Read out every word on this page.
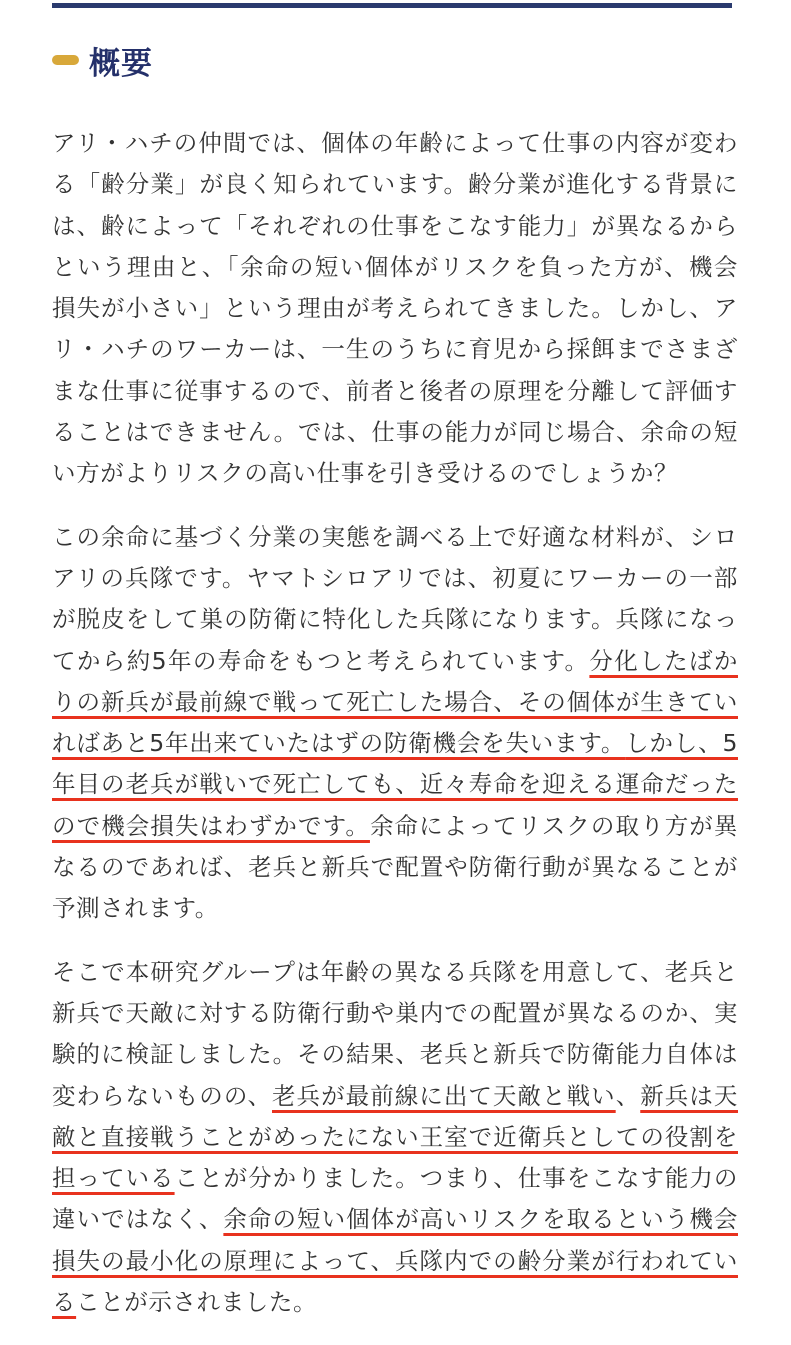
概要

アリ・ハチの仲間では、個体の年齢によって仕事の内容が変わる「齢分業」が良く知られています。齢分業が進化する背景には、齢によって「それぞれの仕事をこなす能力」が異なるからという理由と、「余命の短い個体がリスクを負った方が、機会損失が小さい」という理由が考えられてきました。しかし、アリ・ハチのワーカーは、一生のうちに育児から採餌までさまざまな仕事に従事するので、前者と後者の原理を分離して評価することはできません。では、仕事の能力が同じ場合、余命の短い方がよりリスクの高い仕事を引き受けるのでしょうか？

この余命に基づく分業の実態を調べる上で好適な材料が、シロアリの兵隊です。ヤマトシロアリでは、初夏にワーカーの一部が脱皮をして巣の防衛に特化した兵隊になります。兵隊になってから約5年の寿命をもつと考えられています。分化したばかりの新兵が最前線で戦って死亡した場合、その個体が生きていればあと5年出来ていたはずの防衛機会を失います。しかし、5年目の老兵が戦いで死亡しても、近々寿命を迎える運命だったので機会損失はわずかです。余命によってリスクの取り方が異なるのであれば、老兵と新兵で配置や防衛行動が異なることが予測されます。

そこで本研究グループは年齢の異なる兵隊を用意して、老兵と新兵で天敵に対する防衛行動や巣内での配置が異なるのか、実験的に検証しました。その結果、老兵と新兵で防衛能力自体は変わらないものの、老兵が最前線に出て天敵と戦い、新兵は天敵と直接戦うことがめったにない王室で近衛兵としての役割を担っていることが分かりました。つまり、仕事をこなす能力の違いではなく、余命の短い個体が高いリスクを取るという機会損失の最小化の原理によって、兵隊内での齢分業が行われていることが示されました。
